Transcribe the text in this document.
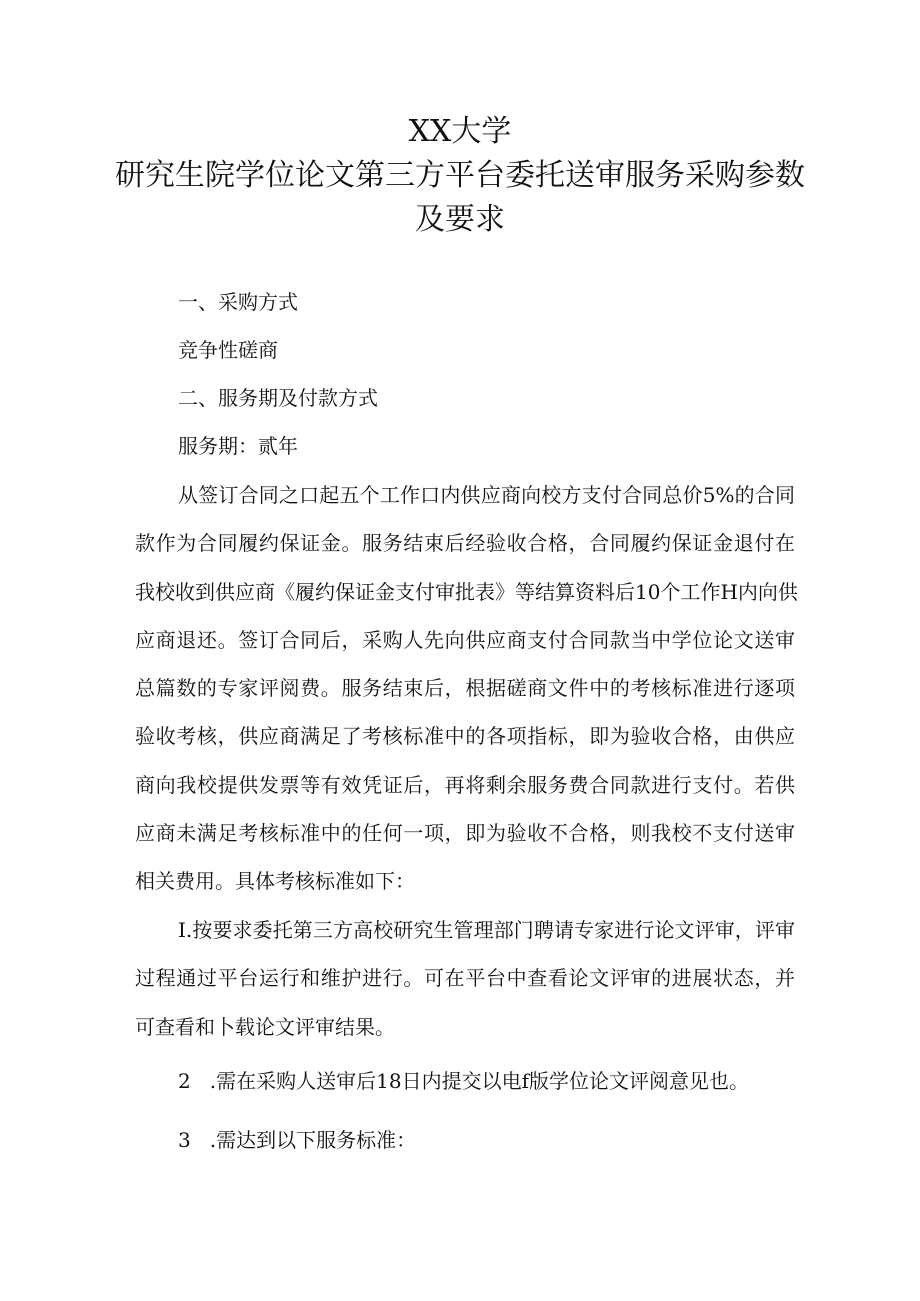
XX大学
研究生院学位论文第三方平台委托送审服务采购参数
及要求
一、采购方式
竞争性磋商
二、服务期及付款方式
服务期：贰年
从签订合同之口起五个工作口内供应商向校方支付合同总价5%的合同
款作为合同履约保证金。服务结束后经验收合格，合同履约保证金退付在
我校收到供应商《履约保证金支付审批表》等结算资料后10个工作H内向供
应商退还。签订合同后，采购人先向供应商支付合同款当中学位论文送审
总篇数的专家评阅费。服务结束后，根据磋商文件中的考核标准进行逐项
验收考核，供应商满足了考核标准中的各项指标，即为验收合格，由供应
商向我校提供发票等有效凭证后，再将剩余服务费合同款进行支付。若供
应商未满足考核标准中的任何一项，即为验收不合格，则我校不支付送审
相关费用。具体考核标准如下：
I.按要求委托第三方高校研究生管理部门聘请专家进行论文评审，评审
过程通过平台运行和维护进行。可在平台中查看论文评审的进展状态，并
可查看和卜载论文评审结果。
2   .需在采购人送审后18日内提交以电f版学位论文评阅意见也。
3   .需达到以下服务标准：
